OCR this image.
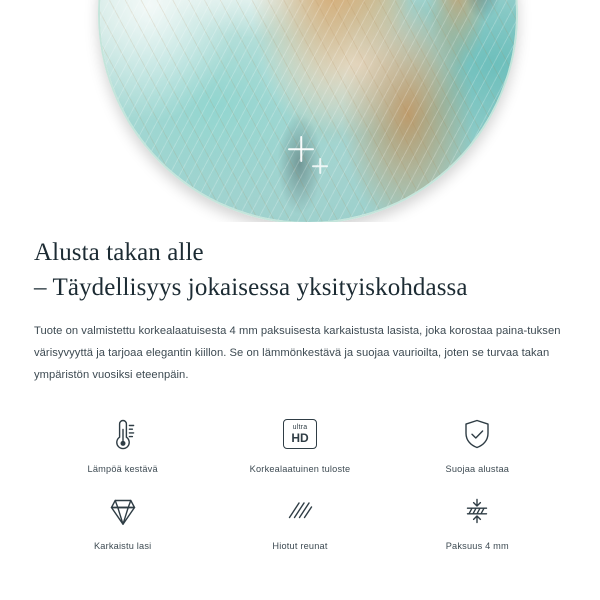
Alusta takan alle
– Täydellisyys jokaisessa yksityiskohdassa

Tuote on valmistettu korkealaatuisesta 4 mm paksuisesta karkaistusta lasista, joka korostaa paina-tuksen värisyvyyttä ja tarjoaa elegantin kiillon. Se on lämmönkestävä ja suojaa vaurioilta, joten se turvaa takan ympäristön vuosiksi eteenpäin.

Lämpöä kestävä
ultra
HD
Korkealaatuinen tuloste	Suojaa alustaa
Karkaistu lasi	Hiotut reunat	Paksuus 4 mm
